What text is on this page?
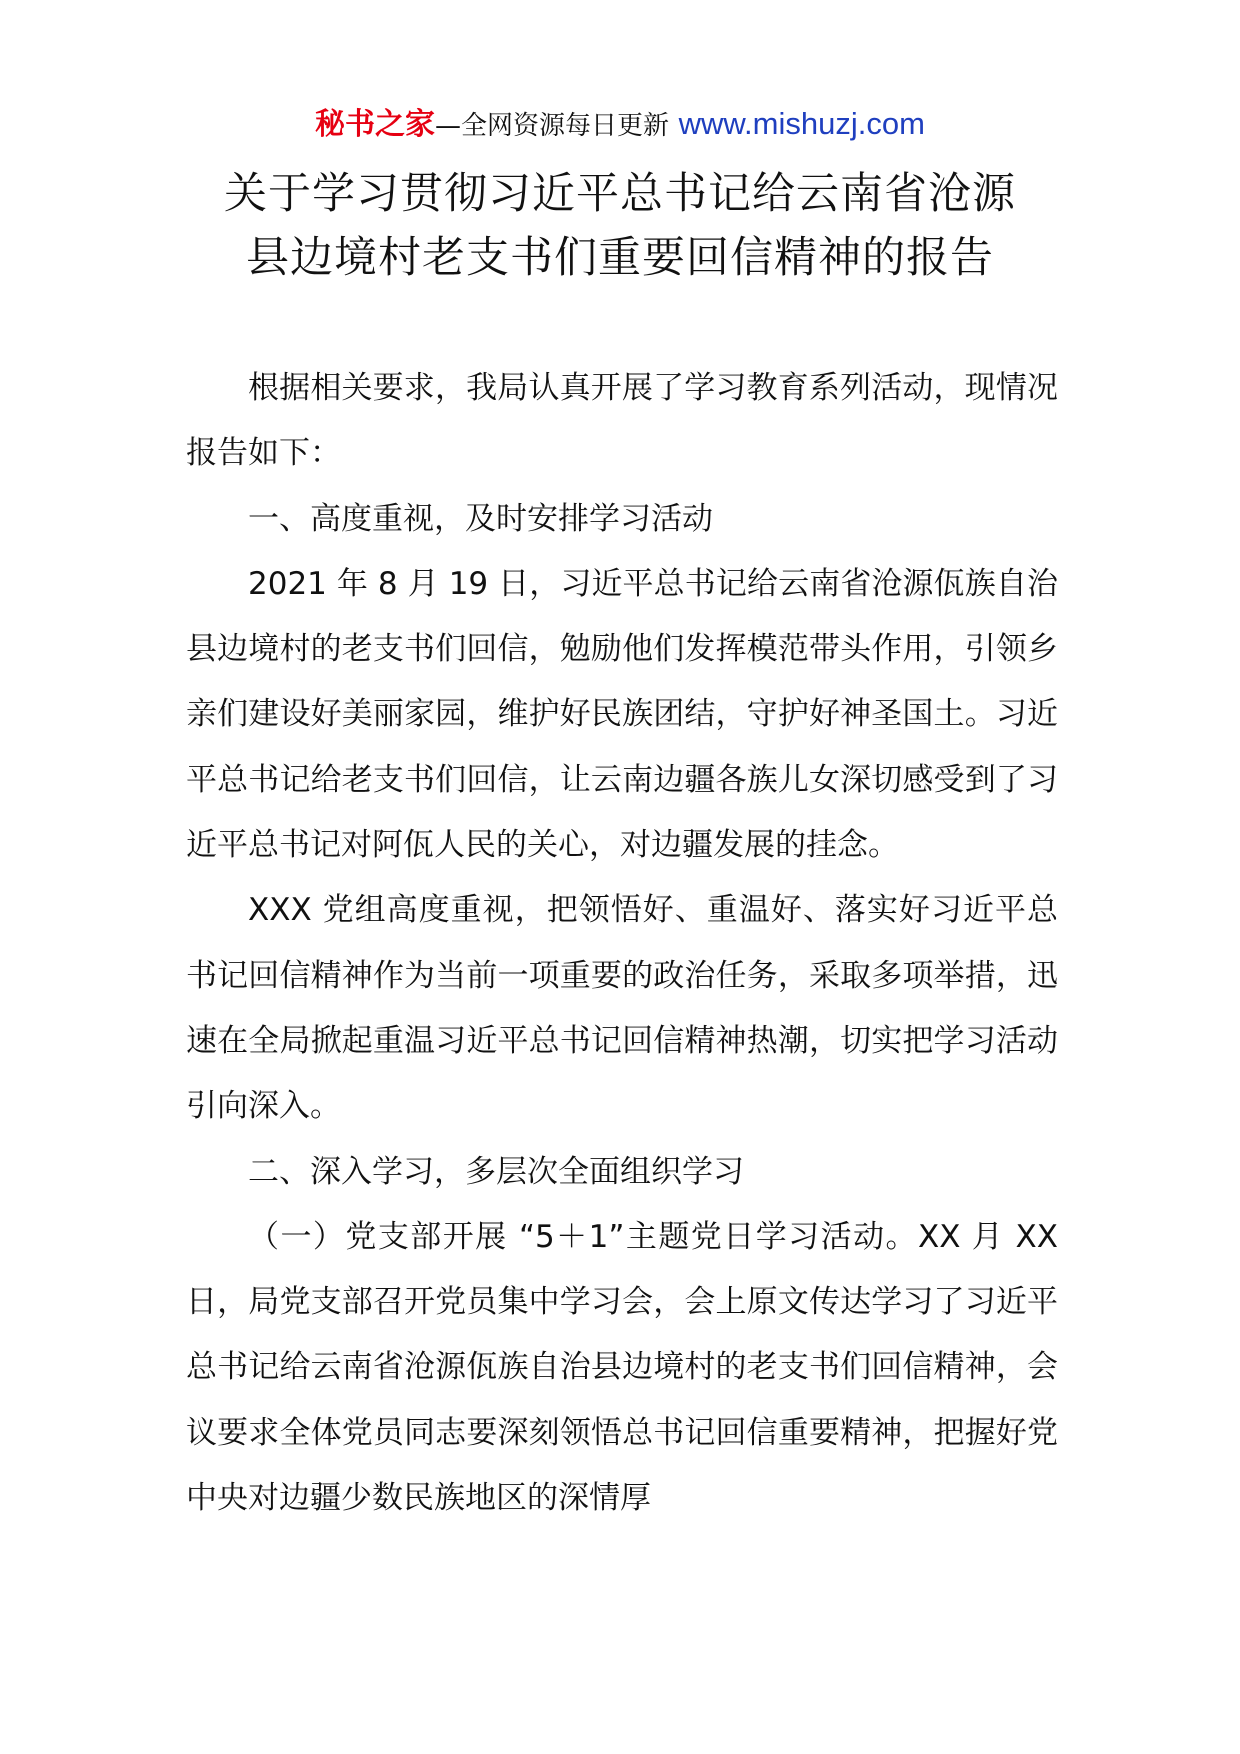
秘书之家—全网资源每日更新 www.mishuzj.com
关于学习贯彻习近平总书记给云南省沧源
县边境村老支书们重要回信精神的报告

根据相关要求，我局认真开展了学习教育系列活动，现情况报告如下：

一、高度重视，及时安排学习活动

2021 年 8 月 19 日，习近平总书记给云南省沧源佤族自治县边境村的老支书们回信，勉励他们发挥模范带头作用，引领乡亲们建设好美丽家园，维护好民族团结，守护好神圣国土。习近平总书记给老支书们回信，让云南边疆各族儿女深切感受到了习近平总书记对阿佤人民的关心，对边疆发展的挂念。

XXX 党组高度重视，把领悟好、重温好、落实好习近平总书记回信精神作为当前一项重要的政治任务，采取多项举措，迅速在全局掀起重温习近平总书记回信精神热潮，切实把学习活动引向深入。

二、深入学习，多层次全面组织学习

（一）党支部开展 “5＋1”主题党日学习活动。XX 月 XX 日，局党支部召开党员集中学习会，会上原文传达学习了习近平总书记给云南省沧源佤族自治县边境村的老支书们回信精神，会议要求全体党员同志要深刻领悟总书记回信重要精神，把握好党中央对边疆少数民族地区的深情厚
